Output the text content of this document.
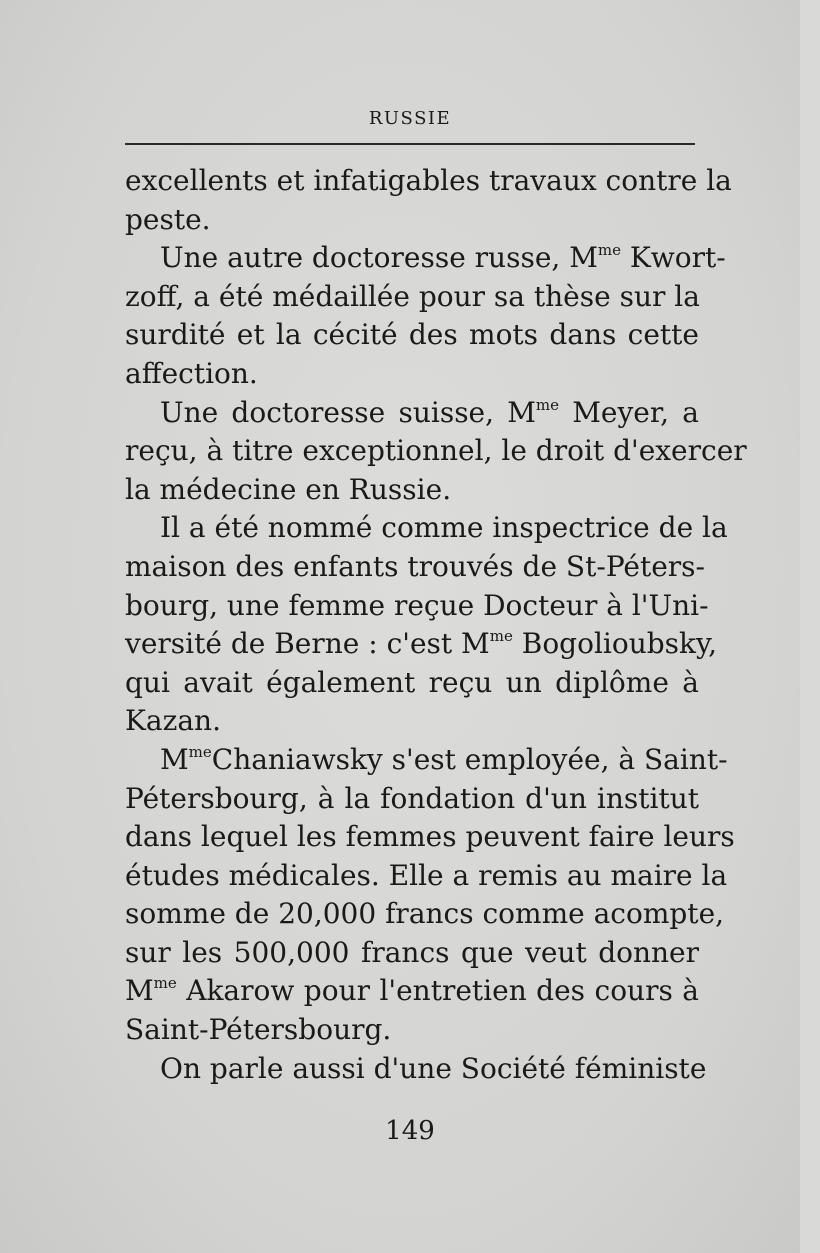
RUSSIE
excellents et infatigables travaux contre la
peste.
Une autre doctoresse russe, $M^{me}$ Kwort-
zoff, a été médaillée pour sa thèse sur la
surdité et la cécité des mots dans cette
affection.
Une doctoresse suisse, $M^{me}$ Meyer, a
reçu, à titre exceptionnel, le droit d'exercer
la médecine en Russie.
Il a été nommé comme inspectrice de la
maison des enfants trouvés de St-Péters-
bourg, une femme reçue Docteur à l'Uni-
versité de Berne : c'est $M^{me}$ Bogolioubsky,
qui avait également reçu un diplôme à
Kazan.
$M^{me}Chaniawsky$ s'est employée, à Saint-
Pétersbourg, à la fondation d'un institut
dans lequel les femmes peuvent faire leurs
études médicales. Elle a remis au maire la
somme de 20,000 francs comme acompte,
sur les 500,000 francs que veut donner
$M^{me}$ Akarow pour l'entretien des cours à
Saint-Pétersbourg.
On parle aussi d'une Société féministe
149
